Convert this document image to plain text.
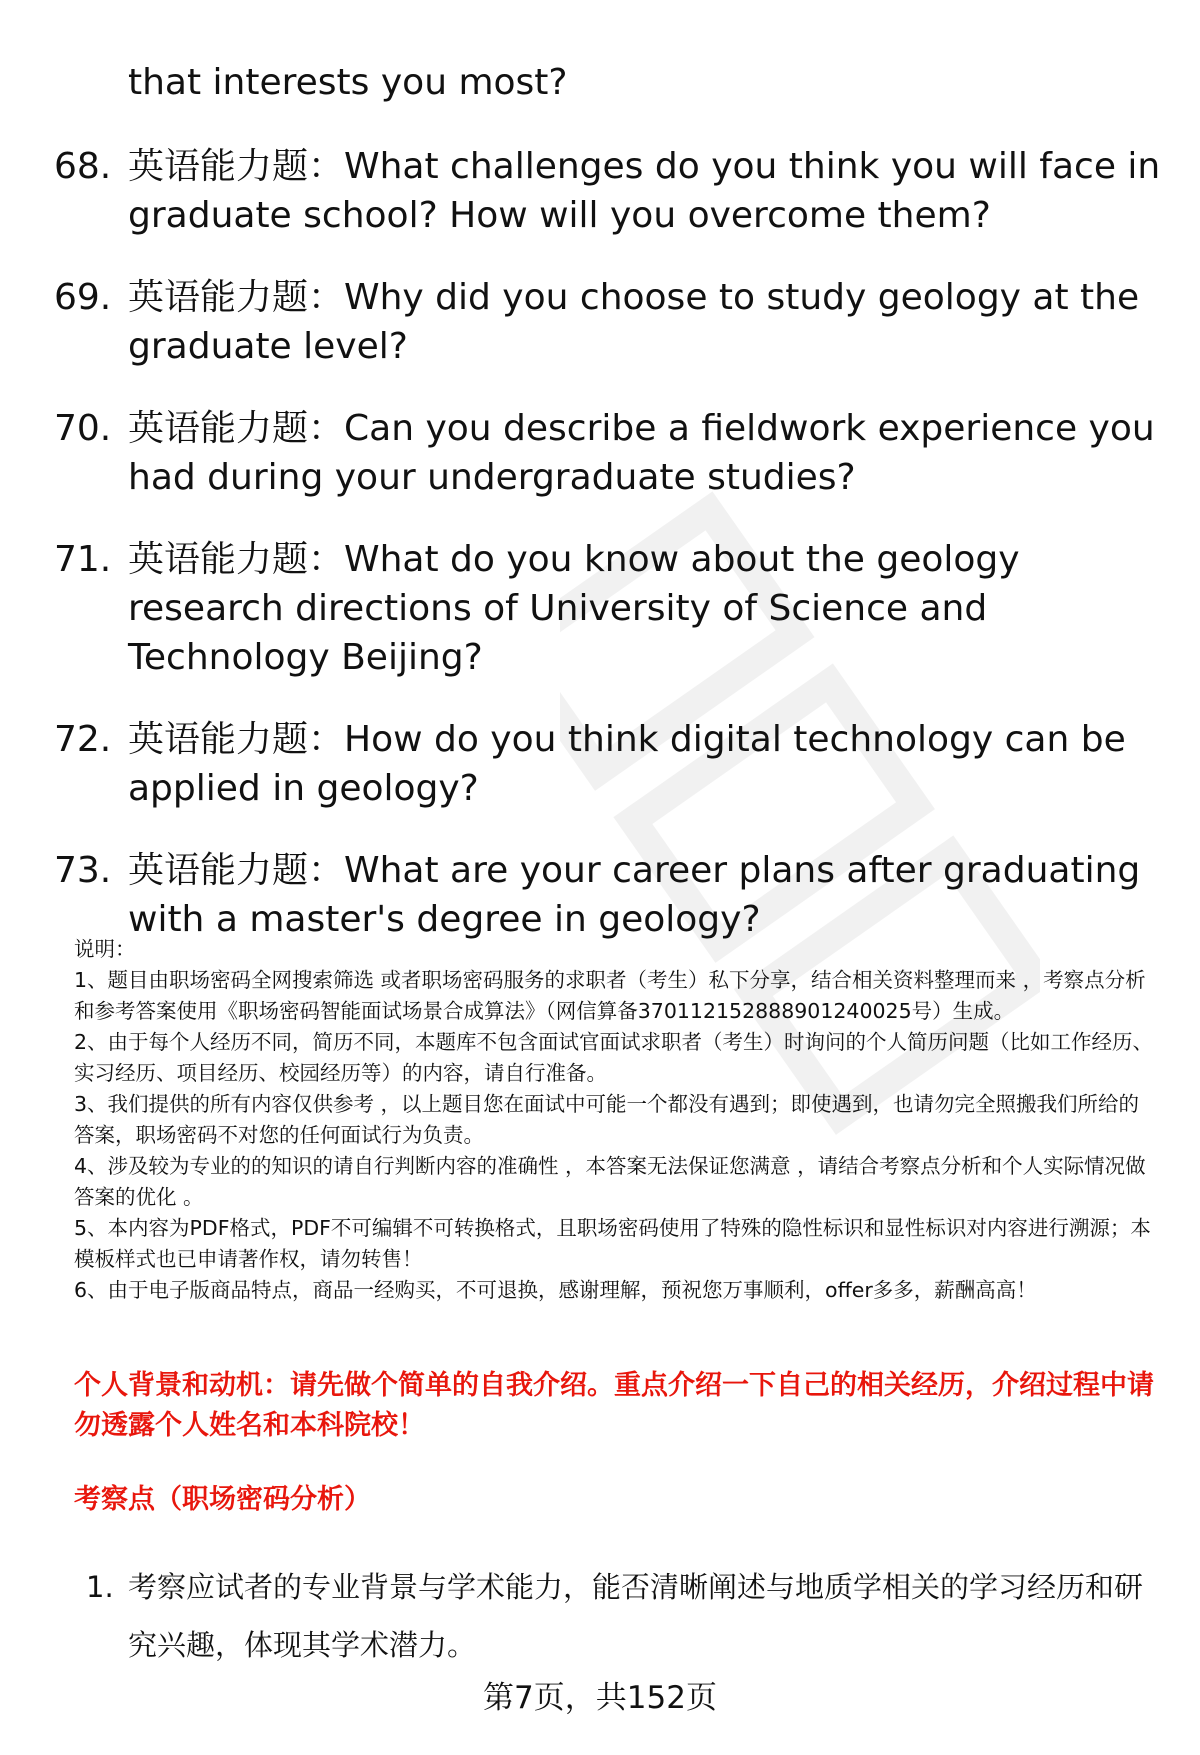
that interests you most?

68. 英语能力题：What challenges do you think you will face in graduate school? How will you overcome them?
69. 英语能力题：Why did you choose to study geology at the graduate level?
70. 英语能力题：Can you describe a fieldwork experience you had during your undergraduate studies?
71. 英语能力题：What do you know about the geology research directions of University of Science and Technology Beijing?
72. 英语能力题：How do you think digital technology can be applied in geology?
73. 英语能力题：What are your career plans after graduating with a master's degree in geology?

说明：

1、题目由职场密码全网搜索筛选 或者职场密码服务的求职者（考生）私下分享，结合相关资料整理而来 ，考察点分析和参考答案使用《职场密码智能面试场景合成算法》（网信算备370112152888901240025号）生成。

2、由于每个人经历不同，简历不同，本题库不包含面试官面试求职者（考生）时询问的个人简历问题（比如工作经历、实习经历、项目经历、校园经历等）的内容，请自行准备。

3、我们提供的所有内容仅供参考 ，以上题目您在面试中可能一个都没有遇到；即使遇到，也请勿完全照搬我们所给的答案，职场密码不对您的任何面试行为负责。

4、涉及较为专业的的知识的请自行判断内容的准确性 ，本答案无法保证您满意 ，请结合考察点分析和个人实际情况做答案的优化 。

5、本内容为PDF格式，PDF不可编辑不可转换格式，且职场密码使用了特殊的隐性标识和显性标识对内容进行溯源；本模板样式也已申请著作权，请勿转售！

6、由于电子版商品特点，商品一经购买，不可退换，感谢理解，预祝您万事顺利，offer多多，薪酬高高！

个人背景和动机：请先做个简单的自我介绍。重点介绍一下自己的相关经历，介绍过程中请勿透露个人姓名和本科院校！

考察点（职场密码分析）

1. 考察应试者的专业背景与学术能力，能否清晰阐述与地质学相关的学习经历和研究兴趣，体现其学术潜力。

第7页，共152页
